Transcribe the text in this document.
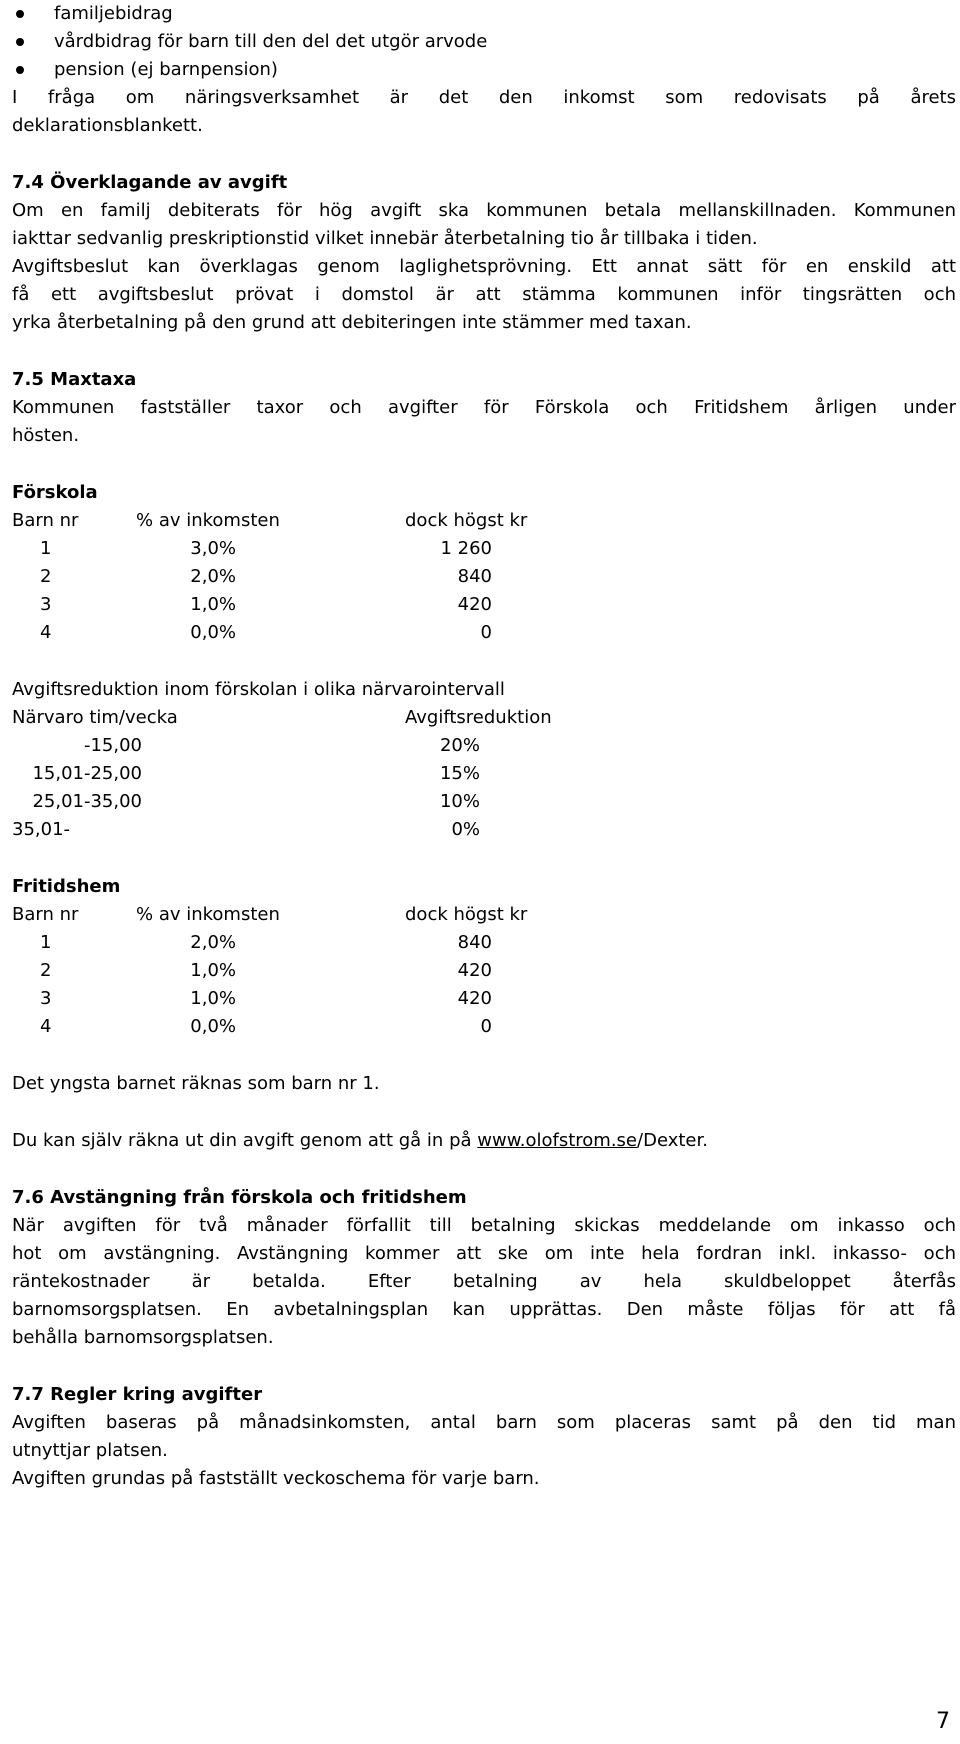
familjebidrag
vårdbidrag för barn till den del det utgör arvode
pension (ej barnpension)
I fråga om näringsverksamhet är det den inkomst som redovisats på årets
deklarationsblankett.
7.4 Överklagande av avgift
Om en familj debiterats för hög avgift ska kommunen betala mellanskillnaden. Kommunen
iakttar sedvanlig preskriptionstid vilket innebär återbetalning tio år tillbaka i tiden.
Avgiftsbeslut kan överklagas genom laglighetsprövning. Ett annat sätt för en enskild att
få ett avgiftsbeslut prövat i domstol är att stämma kommunen inför tingsrätten och
yrka återbetalning på den grund att debiteringen inte stämmer med taxan.
7.5 Maxtaxa
Kommunen fastställer taxor och avgifter för Förskola och Fritidshem årligen under
hösten.
Förskola
Barn nr	% av inkomsten	dock högst kr
1	3,0%	1 260
2	2,0%	840
3	1,0%	420
4	0,0%	0
Avgiftsreduktion inom förskolan i olika närvarointervall
Närvaro tim/vecka	Avgiftsreduktion
-15,00	20%
15,01-25,00	15%
25,01-35,00	10%
35,01-	0%
Fritidshem
Barn nr	% av inkomsten	dock högst kr
1	2,0%	840
2	1,0%	420
3	1,0%	420
4	0,0%	0
Det yngsta barnet räknas som barn nr 1.
Du kan själv räkna ut din avgift genom att gå in på www.olofstrom.se/Dexter.
7.6 Avstängning från förskola och fritidshem
När avgiften för två månader förfallit till betalning skickas meddelande om inkasso och
hot om avstängning. Avstängning kommer att ske om inte hela fordran inkl. inkasso- och
räntekostnader är betalda. Efter betalning av hela skuldbeloppet återfås
barnomsorgsplatsen. En avbetalningsplan kan upprättas. Den måste följas för att få
behålla barnomsorgsplatsen.
7.7 Regler kring avgifter
Avgiften baseras på månadsinkomsten, antal barn som placeras samt på den tid man
utnyttjar platsen.
Avgiften grundas på fastställt veckoschema för varje barn.
7
